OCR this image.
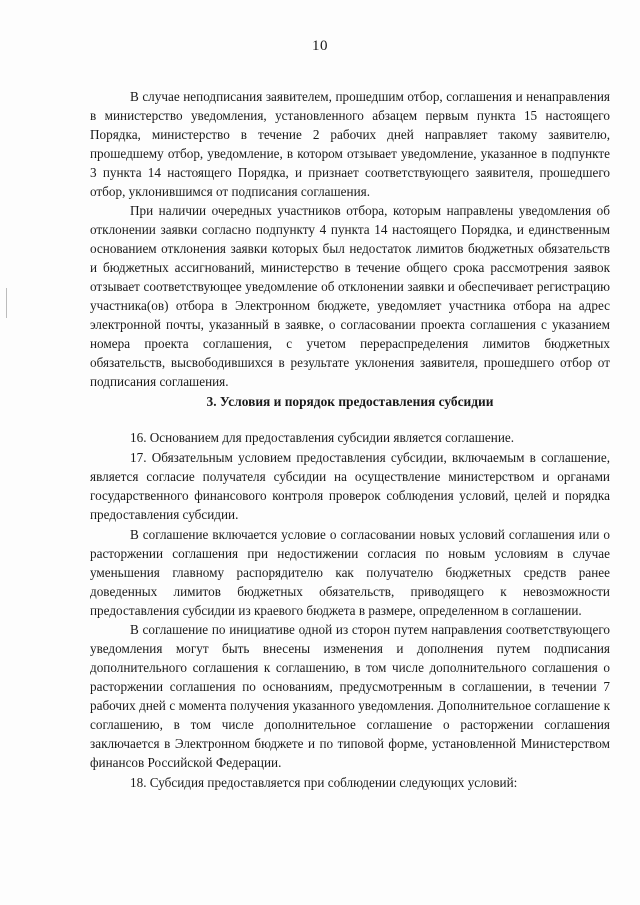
10

В случае неподписания заявителем, прошедшим отбор, соглашения и ненаправления в министерство уведомления, установленного абзацем первым пункта 15 настоящего Порядка, министерство в течение 2 рабочих дней направляет такому заявителю, прошедшему отбор, уведомление, в котором отзывает уведомление, указанное в подпункте 3 пункта 14 настоящего Порядка, и признает соответствующего заявителя, прошедшего отбор, уклонившимся от подписания соглашения.

При наличии очередных участников отбора, которым направлены уведомления об отклонении заявки согласно подпункту 4 пункта 14 настоящего Порядка, и единственным основанием отклонения заявки которых был недостаток лимитов бюджетных обязательств и бюджетных ассигнований, министерство в течение общего срока рассмотрения заявок отзывает соответствующее уведомление об отклонении заявки и обеспечивает регистрацию участника(ов) отбора в Электронном бюджете, уведомляет участника отбора на адрес электронной почты, указанный в заявке, о согласовании проекта соглашения с указанием номера проекта соглашения, с учетом перераспределения лимитов бюджетных обязательств, высвободившихся в результате уклонения заявителя, прошедшего отбор от подписания соглашения.

3. Условия и порядок предоставления субсидии

16. Основанием для предоставления субсидии является соглашение.

17. Обязательным условием предоставления субсидии, включаемым в соглашение, является согласие получателя субсидии на осуществление министерством и органами государственного финансового контроля проверок соблюдения условий, целей и порядка предоставления субсидии.

В соглашение включается условие о согласовании новых условий соглашения или о расторжении соглашения при недостижении согласия по новым условиям в случае уменьшения главному распорядителю как получателю бюджетных средств ранее доведенных лимитов бюджетных обязательств, приводящего к невозможности предоставления субсидии из краевого бюджета в размере, определенном в соглашении.

В соглашение по инициативе одной из сторон путем направления соответствующего уведомления могут быть внесены изменения и дополнения путем подписания дополнительного соглашения к соглашению, в том числе дополнительного соглашения о расторжении соглашения по основаниям, предусмотренным в соглашении, в течении 7 рабочих дней с момента получения указанного уведомления. Дополнительное соглашение к соглашению, в том числе дополнительное соглашение о расторжении соглашения заключается в Электронном бюджете и по типовой форме, установленной Министерством финансов Российской Федерации.

18. Субсидия предоставляется при соблюдении следующих условий:
